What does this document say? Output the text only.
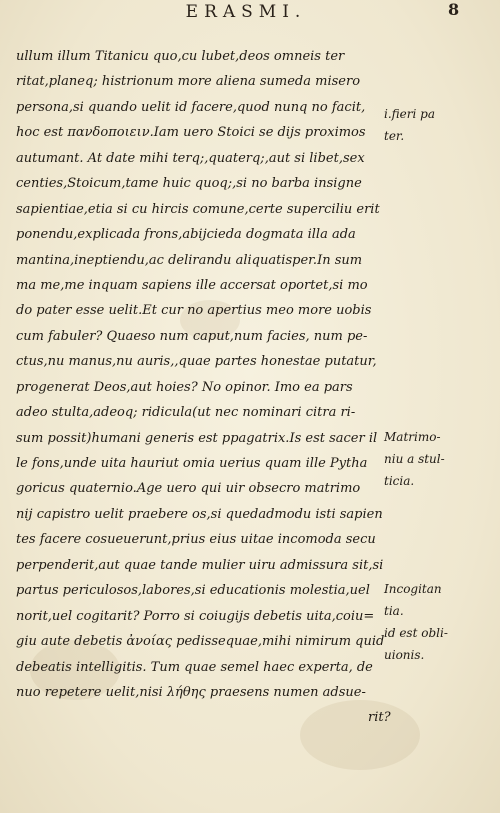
ERASMI.	8
ullum illum Titanicu quo,cu lubet,deos omneis ter
ritat,planeq; histrionum more aliena sumeda misero
persona,si quando uelit id facere,quod nunq no facit,
hoc est πανδοποιειν.Iam uero Stoici se dijs proximos
autumant. At date mihi terq;,quaterq;,aut si libet,sex
centies,Stoicum,tame huic quoq;,si no barba insigne
sapientiae,etia si cu hircis comune,certe superciliu erit
ponendu,explicada frons,abijcieda dogmata illa ada
mantina,ineptiendu,ac delirandu aliquatisper.In sum
ma me,me inquam sapiens ille accersat oportet,si mo
do pater esse uelit.Et cur no apertius meo more uobis
cum fabuler? Quaeso num caput,num facies, num pe-
ctus,nu manus,nu auris,,quae partes honestae putatur,
progenerat Deos,aut hoies? No opinor. Imo ea pars
adeo stulta,adeoq; ridicula(ut nec nominari citra ri-
sum possit)humani generis est ppagatrix.Is est sacer il
le fons,unde uita hauriut omia uerius quam ille Pytha
goricus quaternio.Age uero qui uir obsecro matrimo
nij capistro uelit praebere os,si quedadmodu isti sapien
tes facere cosueuerunt,prius eius uitae incomoda secu
perpenderit,aut quae tande mulier uiru admissura sit,si
partus periculosos,labores,si educationis molestia,uel
norit,uel cogitarit? Porro si coiugijs debetis uita,coiu=
giu aute debetis ἀνοίας pedissequae,mihi nimirum quid
debeatis intelligitis. Tum quae semel haec experta, de
nuo repetere uelit,nisi λήθης praesens numen adsue-
rit?
i.fieri pa
ter.
Matrimo-
niu a stul-
ticia.
Incogitan
tia.
id est obli-
uionis.
